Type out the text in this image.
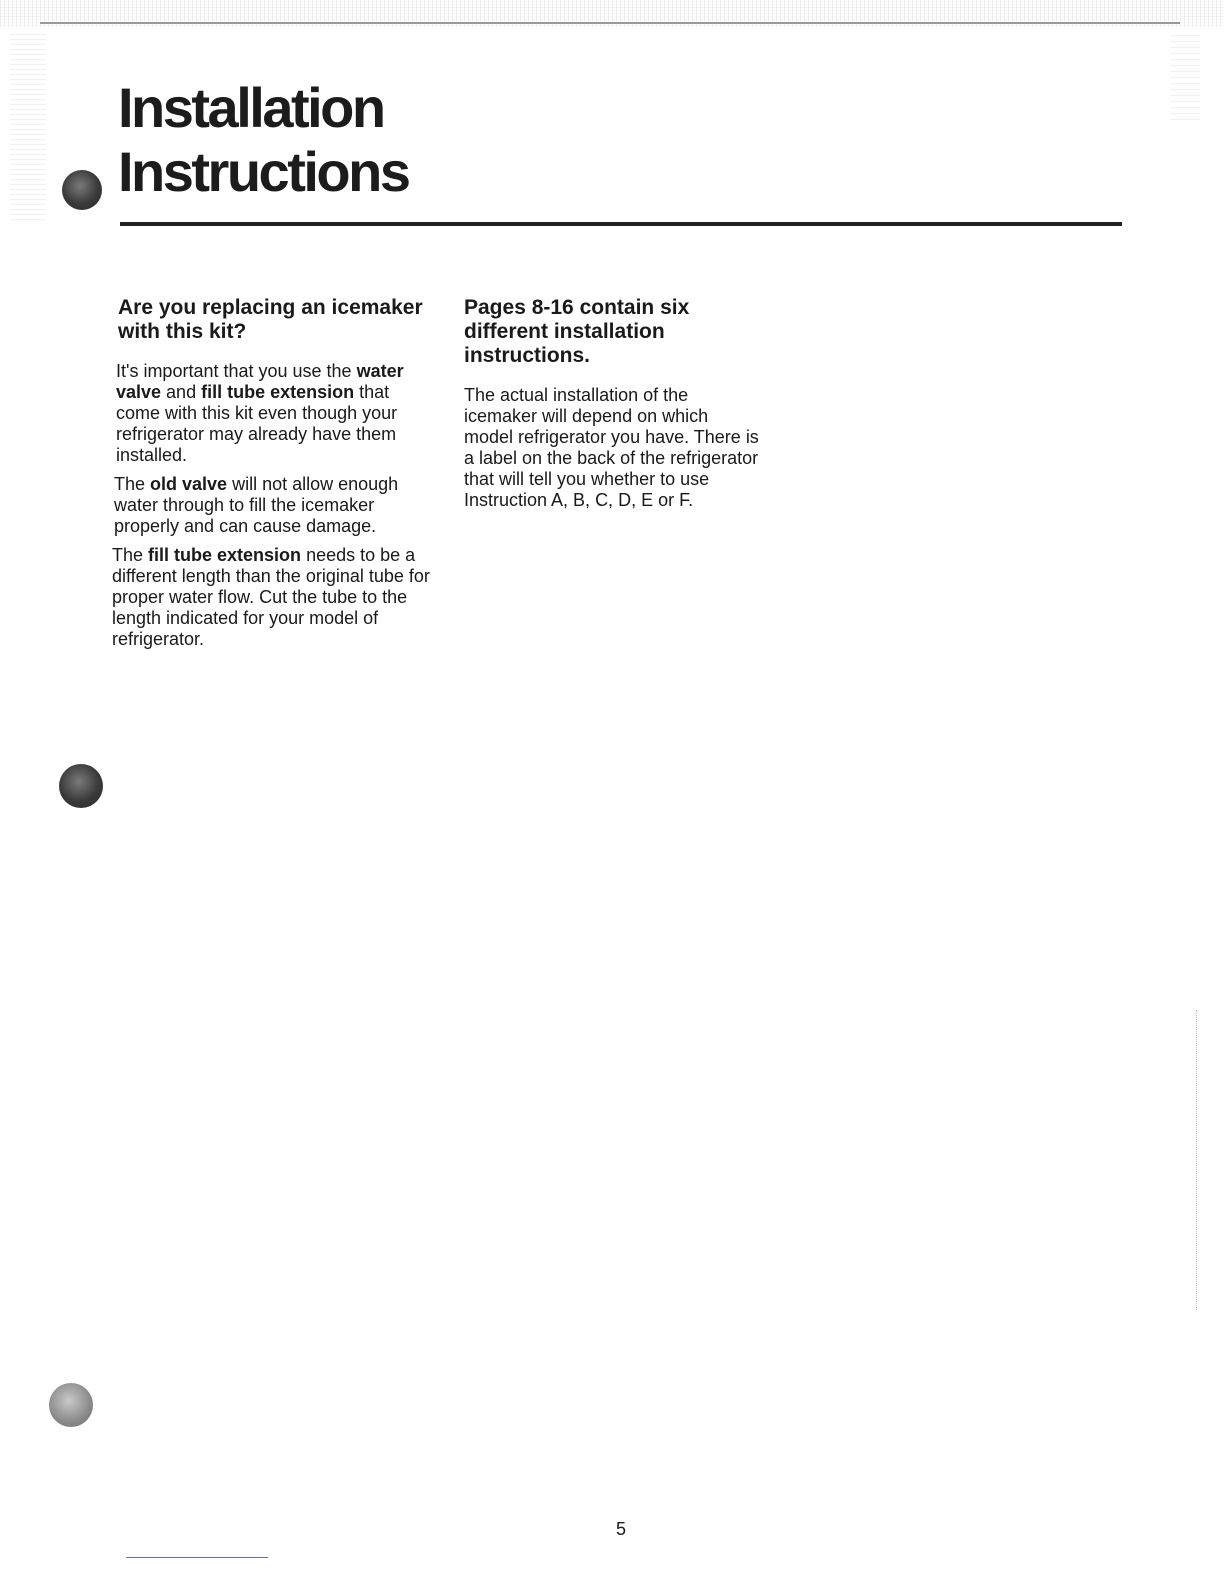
Installation
Instructions
Are you replacing an icemaker with this kit?

It's important that you use the water valve and fill tube extension that come with this kit even though your refrigerator may already have them installed.

The old valve will not allow enough water through to fill the icemaker properly and can cause damage.

The fill tube extension needs to be a different length than the original tube for proper water flow. Cut the tube to the length indicated for your model of refrigerator.

Pages 8-16 contain six different installation instructions.

The actual installation of the icemaker will depend on which model refrigerator you have. There is a label on the back of the refrigerator that will tell you whether to use Instruction A, B, C, D, E or F.

5
